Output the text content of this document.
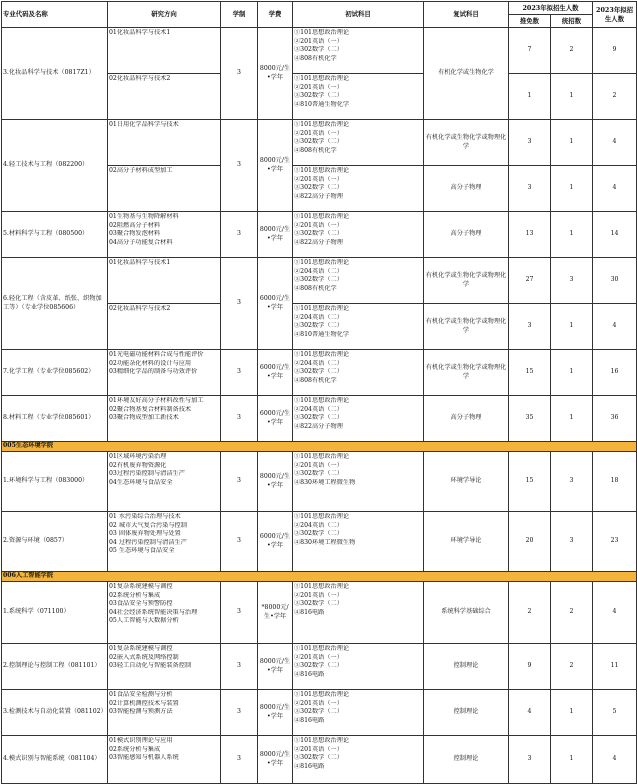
专业代码及名称	研究方向	学制	学费	初试科目	复试科目	2023年拟招生人数		2023年拟招生人数
						推免数	统招数	
3.化妆品科学与技术（0817Z1）	01化妆品科学与技术1	3	8000元/生•学年	①101思想政治理论
②201英语（一）
③302数学（二）
④808有机化学	有机化学或生物化学	7	2	9

	02化妆品科学与技术2			①101思想政治理论
②201英语（一）
③302数学（二）
④810普通生物化学		1	1	2
4.轻工技术与工程（082200）	01日用化学品科学与技术	3	8000元/生•学年	①101思想政治理论
②201英语（一）
③302数学（二）
④808有机化学	有机化学或生物化学或物理化学	3	1	4

	02高分子材料成型加工			①101思想政治理论
②201英语（一）
③302数学（二）
④822高分子物理	高分子物理	3	1	4
5.材料科学与工程（080500）	01生物基与生物降解材料
02阻燃高分子材料
03聚合物发泡材料
04高分子功能复合材料	3	8000元/生•学年	①101思想政治理论
②201英语（一）
③302数学（二）
④822高分子物理	高分子物理	13	1	14
6.轻化工程（含皮革、纸张、织物加工等）（专业学位085606）	01化妆品科学与技术1	3	6000元/生•学年	①101思想政治理论
②204英语（二）
③302数学（二）
④808有机化学	有机化学或生物化学或物理化学	27	3	30

	02化妆品科学与技术2			①101思想政治理论
②204英语（二）
③302数学（二）
④810普通生物化学	有机化学或生物化学或物理化学	3	1	4
7.化学工程（专业学位085602）	01光电磁功能材料合成与性能评价
02功能杂化材料的设计与应用
03精细化学品的制备与功效评价	3	6000元/生•学年	①101思想政治理论
②204英语（二）
③302数学（二）
④808有机化学	有机化学或生物化学或物理化学	15	1	16
8.材料工程（专业学位085601）	01环境友好高分子材料改性与加工
02聚合物基复合材料制备技术
03聚合物成型加工新技术	3	6000元/生•学年	①101思想政治理论
②204英语（二）
③302数学（二）
④822高分子物理	高分子物理	35	1	36
005生态环境学院								
1.环境科学与工程（083000）	01区域环境污染治理
02有机废弃物资源化
03过程污染控制与清洁生产
04生态环境与食品安全	3	8000元/生•学年	①101思想政治理论
②201英语（一）
③302数学（二）
④830环境工程微生物	环境学导论	15	3	18
2.资源与环境（0857）	01 水污染综合治理与技术
02 城市大气复合污染与控制
03 固体废弃物处理与处置
04 过程污染控制与清洁生产
05 生态环境与食品安全	3	6000元/生•学年	①101思想政治理论
②204英语（二）
③302数学（二）
④830环境工程微生物	环境学导论	20	3	23
006人工智能学院								
1.系统科学（071100）	01复杂系统建模与调控
02系统分析与集成
03食品安全与预警防控
04社会经济系统智能决策与治理
05人工智能与大数据分析	3	*8000元/生•学年	①101思想政治理论
②201英语（一）
③302数学（二）
④816电路	系统科学基础综合	2	2	4
2.控制理论与控制工程（081101）	01复杂系统建模与调控
02嵌入式系统及网络控制
03轻工自动化与智能装备控制	3	8000元/生•学年	①101思想政治理论
②201英语（一）
③302数学（二）
④816电路	控制理论	9	2	11
3.检测技术与自动化装置（081102）	01食品安全检测与分析
02计算机测控技术与装置
03智能检测与预测方法	3	8000元/生•学年	①101思想政治理论
②201英语（一）
③302数学（二）
④816电路	控制理论	4	1	5
4.模式识别与智能系统（081104）	01模式识别理论与应用
02系统分析与集成
03智能感知与机器人系统	3	8000元/生•学年	①101思想政治理论
②201英语（一）
③302数学（二）
④816电路	控制理论	3	1	4
